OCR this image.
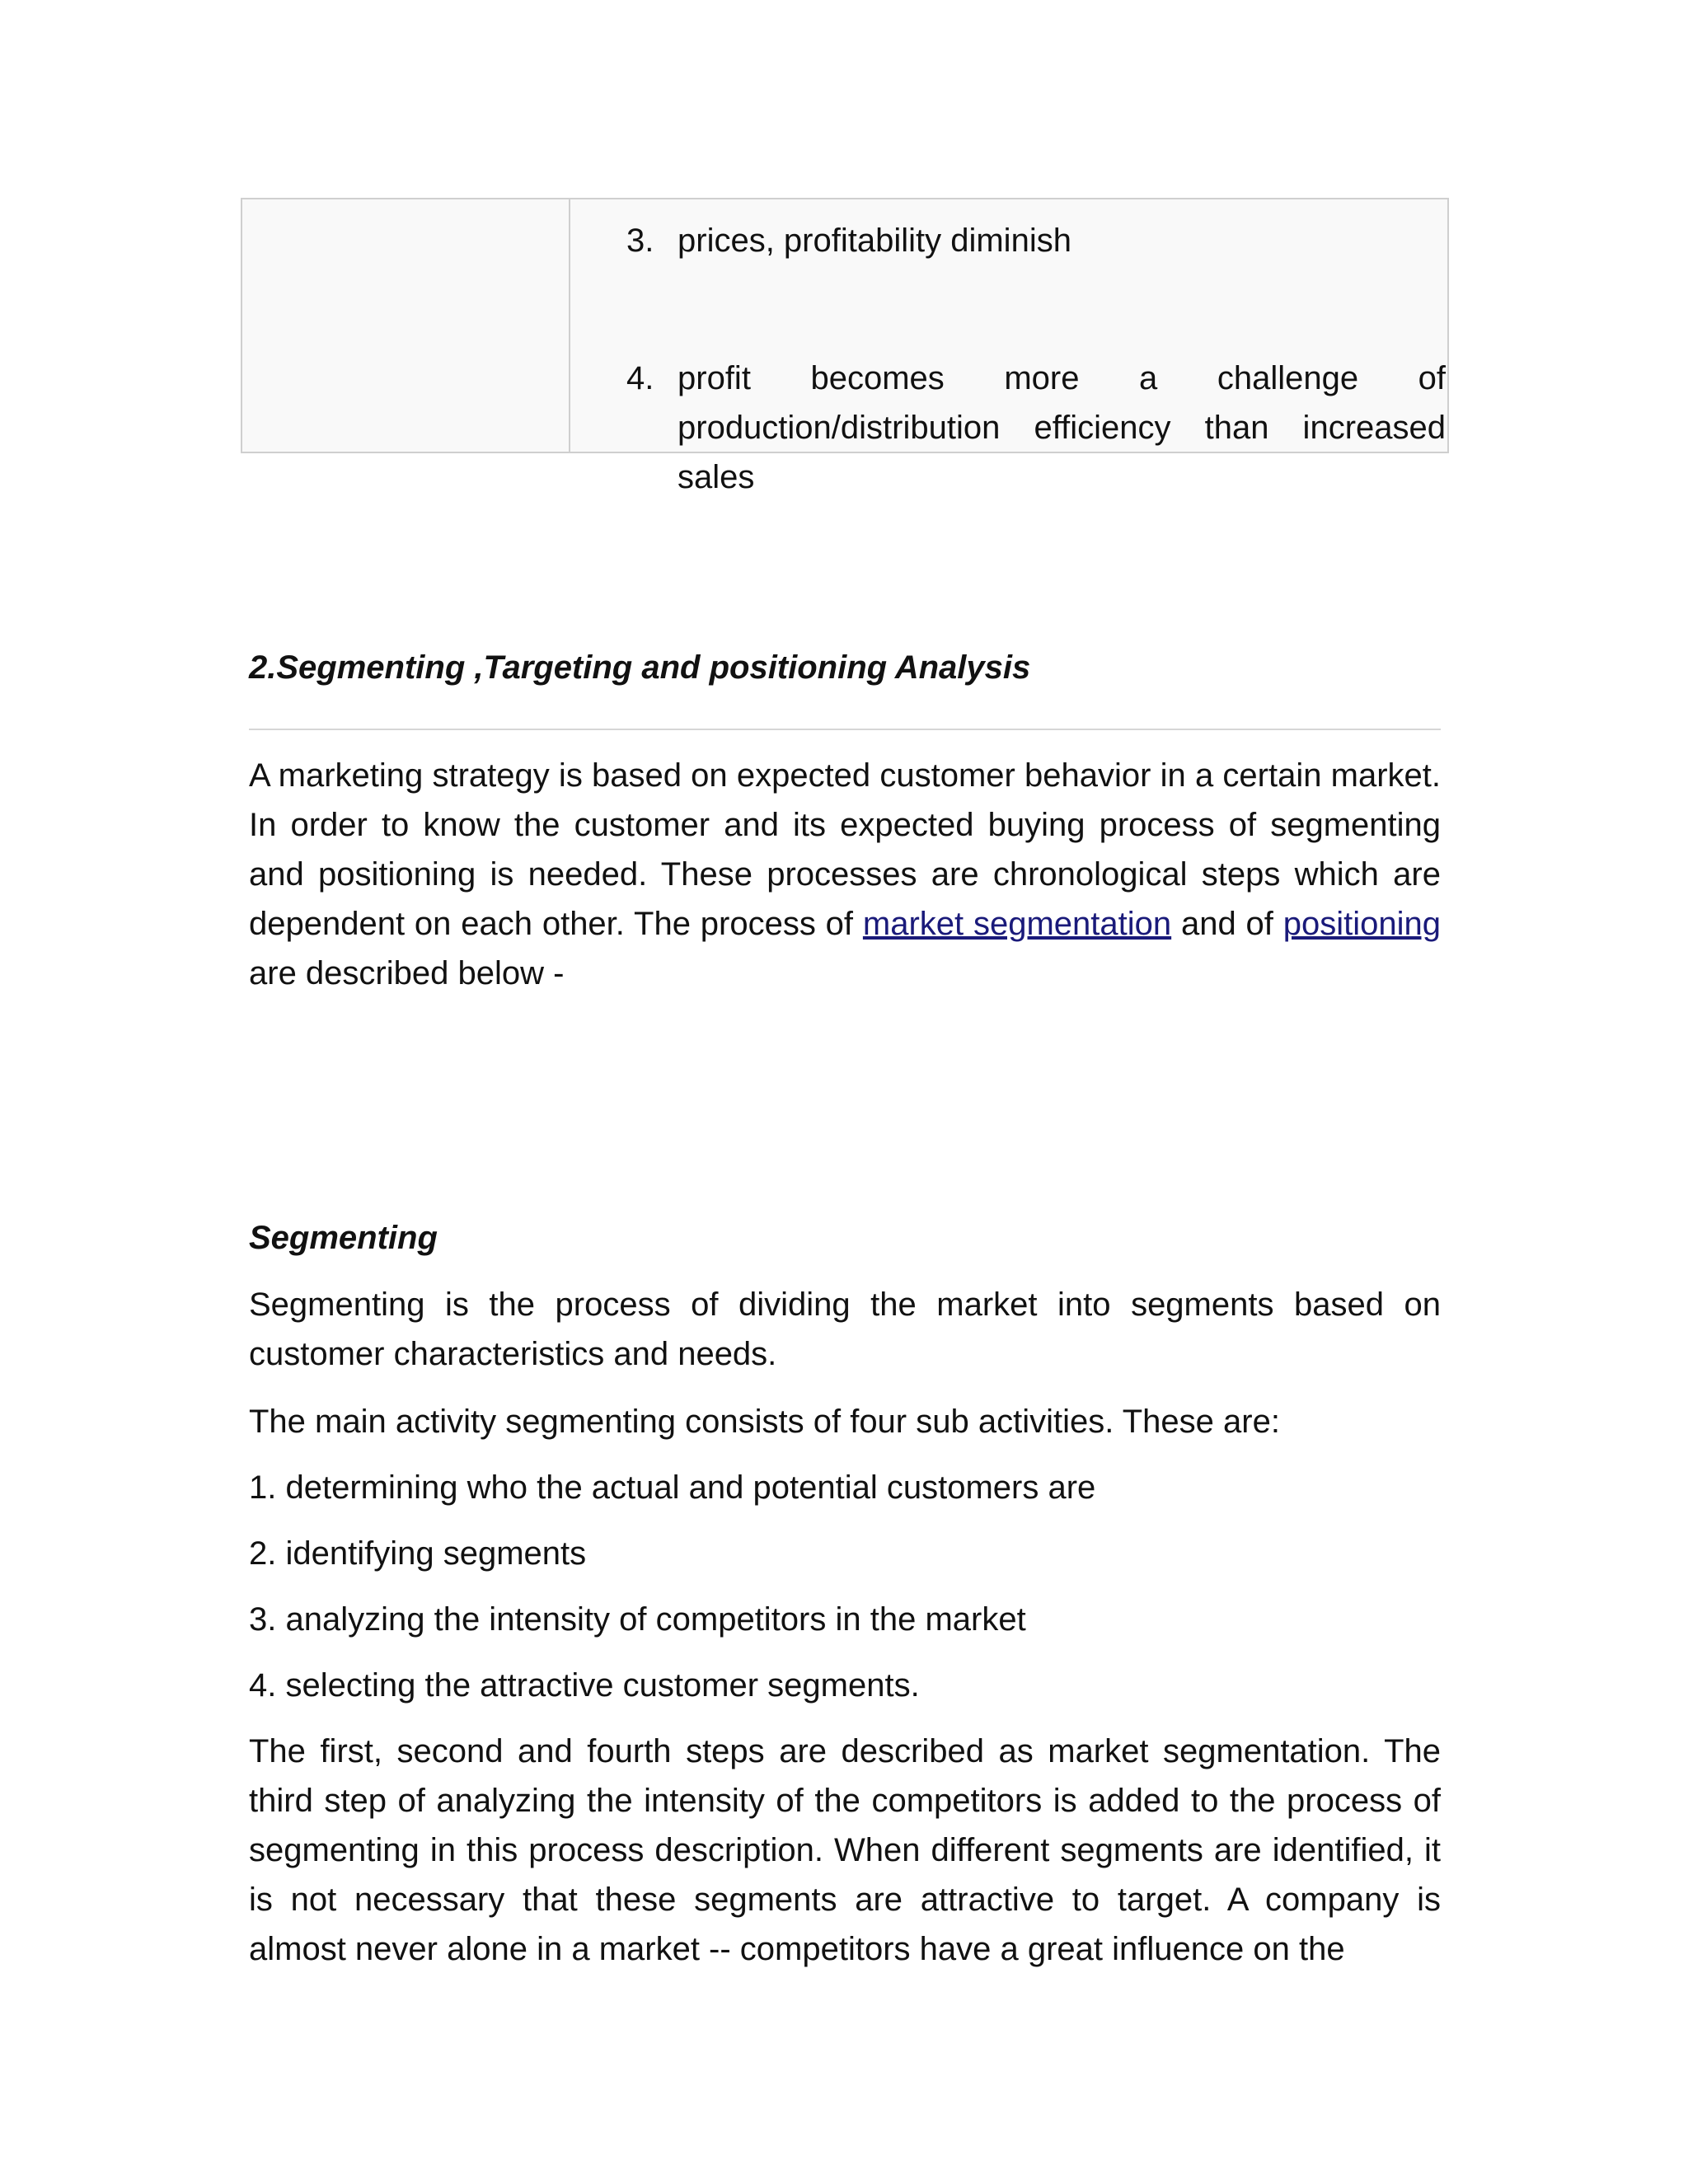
3. prices, profitability diminish
4. profit becomes more a challenge of production/distribution efficiency than increased sales
2.Segmenting ,Targeting and positioning Analysis

A marketing strategy is based on expected customer behavior in a certain market. In order to know the customer and its expected buying process of segmenting and positioning is needed. These processes are chronological steps which are dependent on each other. The process of market segmentation and of positioning are described below -

Segmenting

Segmenting is the process of dividing the market into segments based on customer characteristics and needs.

The main activity segmenting consists of four sub activities. These are:

1. determining who the actual and potential customers are

2. identifying segments

3. analyzing the intensity of competitors in the market

4. selecting the attractive customer segments.

The first, second and fourth steps are described as market segmentation. The third step of analyzing the intensity of the competitors is added to the process of segmenting in this process description. When different segments are identified, it is not necessary that these segments are attractive to target. A company is almost never alone in a market -- competitors have a great influence on the
